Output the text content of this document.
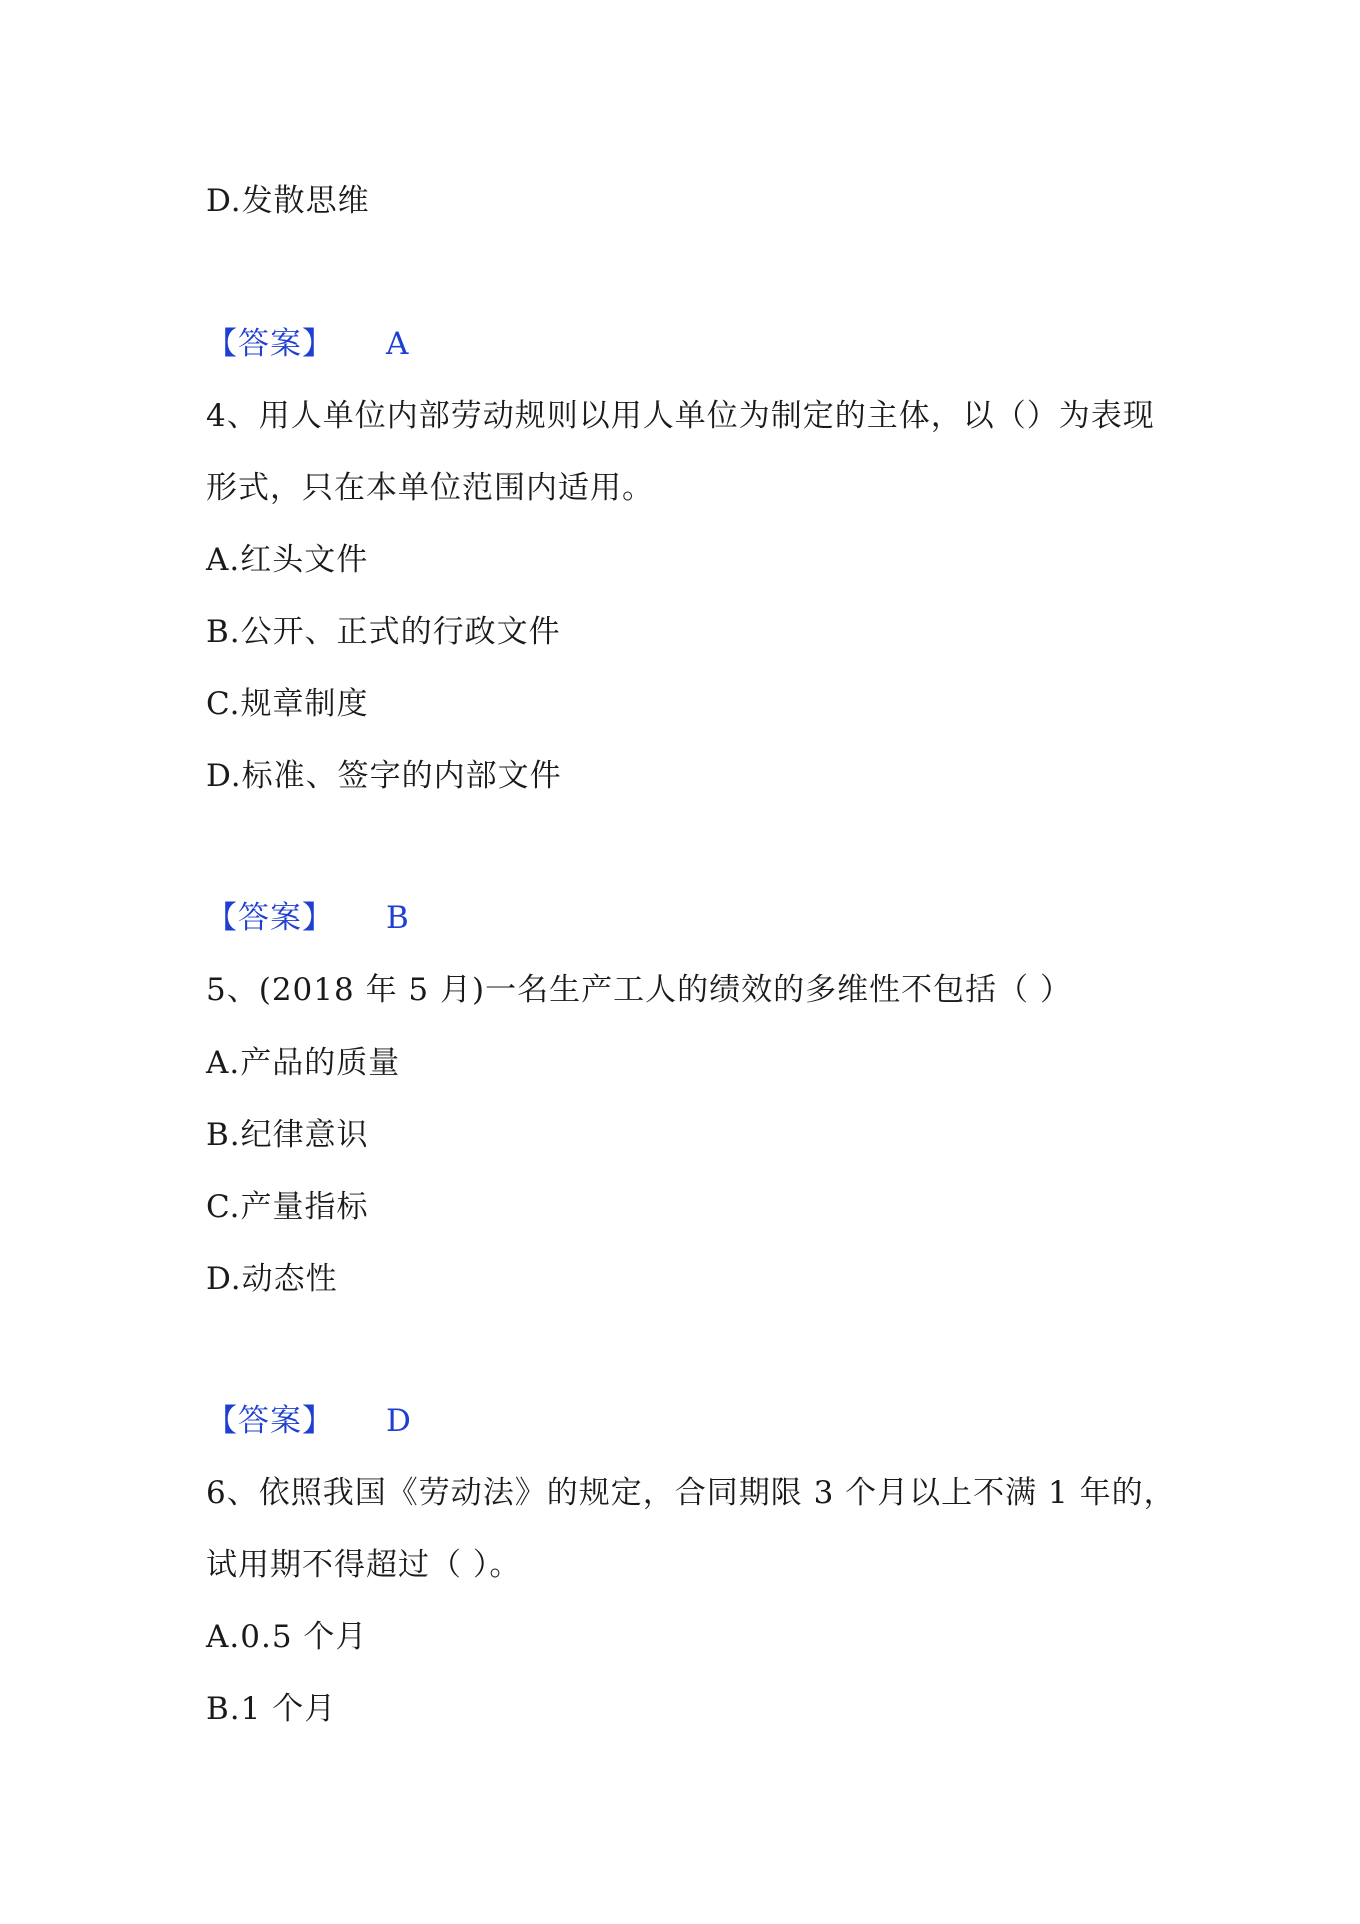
D.发散思维
【答案】 A
4、用人单位内部劳动规则以用人单位为制定的主体，以（）为表现
形式，只在本单位范围内适用。
A.红头文件
B.公开、正式的行政文件
C.规章制度
D.标准、签字的内部文件
【答案】 B
5、(2018 年 5 月)一名生产工人的绩效的多维性不包括（ ）
A.产品的质量
B.纪律意识
C.产量指标
D.动态性
【答案】 D
6、依照我国《劳动法》的规定，合同期限 3 个月以上不满 1 年的，
试用期不得超过（ ）。
A.0.5 个月
B.1 个月
